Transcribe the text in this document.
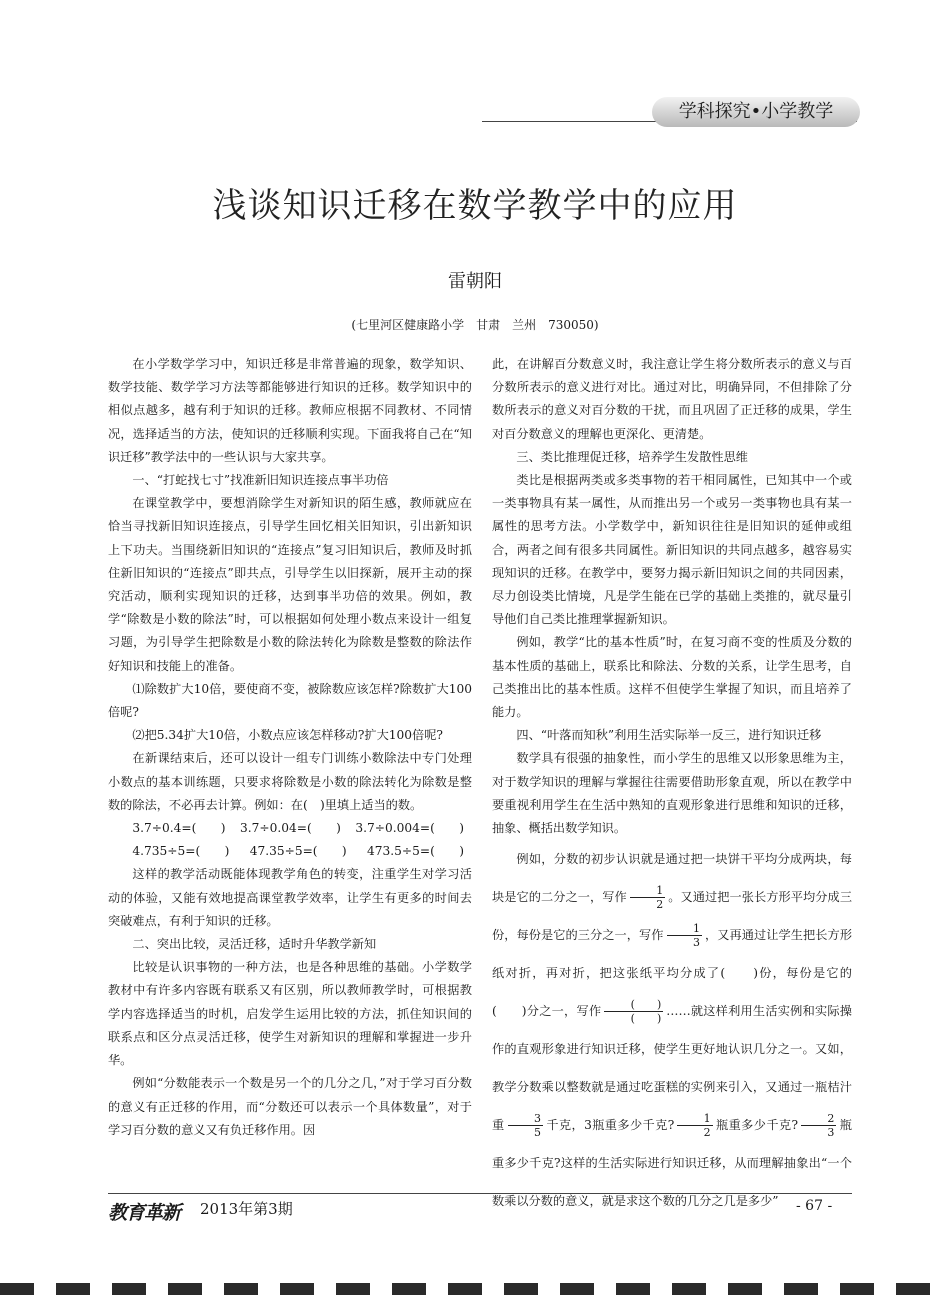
学科探究•小学教学
浅谈知识迁移在数学教学中的应用
雷朝阳
(七里河区健康路小学　甘肃　兰州　730050)

在小学数学学习中，知识迁移是非常普遍的现象，数学知识、数学技能、数学学习方法等都能够进行知识的迁移。数学知识中的相似点越多，越有利于知识的迁移。教师应根据不同教材、不同情况，选择适当的方法，使知识的迁移顺利实现。下面我将自己在“知识迁移”教学法中的一些认识与大家共享。

一、“打蛇找七寸”找准新旧知识连接点事半功倍

在课堂教学中，要想消除学生对新知识的陌生感，教师就应在恰当寻找新旧知识连接点，引导学生回忆相关旧知识，引出新知识上下功夫。当围绕新旧知识的“连接点”复习旧知识后，教师及时抓住新旧知识的“连接点”即共点，引导学生以旧探新，展开主动的探究活动，顺利实现知识的迁移，达到事半功倍的效果。例如，教学“除数是小数的除法”时，可以根据如何处理小数点来设计一组复习题，为引导学生把除数是小数的除法转化为除数是整数的除法作好知识和技能上的准备。

⑴除数扩大10倍，要使商不变，被除数应该怎样?除数扩大100倍呢?

⑵把5.34扩大10倍，小数点应该怎样移动?扩大100倍呢?

在新课结束后，还可以设计一组专门训练小数除法中专门处理小数点的基本训练题，只要求将除数是小数的除法转化为除数是整数的除法，不必再去计算。例如：在(　)里填上适当的数。

3.7÷0.4=(　　) 3.7÷0.04=(　　) 3.7÷0.004=(　　)
4.735÷5=(　　) 47.35÷5=(　　) 473.5÷5=(　　)

这样的教学活动既能体现教学角色的转变，注重学生对学习活动的体验，又能有效地提高课堂教学效率，让学生有更多的时间去突破难点，有利于知识的迁移。

二、突出比较，灵活迁移，适时升华教学新知

比较是认识事物的一种方法，也是各种思维的基础。小学数学教材中有许多内容既有联系又有区别，所以教师教学时，可根据教学内容选择适当的时机，启发学生运用比较的方法，抓住知识间的联系点和区分点灵活迁移，使学生对新知识的理解和掌握进一步升华。

例如“分数能表示一个数是另一个的几分之几，”对于学习百分数的意义有正迁移的作用，而“分数还可以表示一个具体数量”，对于学习百分数的意义又有负迁移作用。因

此，在讲解百分数意义时，我注意让学生将分数所表示的意义与百分数所表示的意义进行对比。通过对比，明确异同，不但排除了分数所表示的意义对百分数的干扰，而且巩固了正迁移的成果，学生对百分数意义的理解也更深化、更清楚。

三、类比推理促迁移，培养学生发散性思维

类比是根据两类或多类事物的若干相同属性，已知其中一个或一类事物具有某一属性，从而推出另一个或另一类事物也具有某一属性的思考方法。小学数学中，新知识往往是旧知识的延伸或组合，两者之间有很多共同属性。新旧知识的共同点越多，越容易实现知识的迁移。在教学中，要努力揭示新旧知识之间的共同因素，尽力创设类比情境，凡是学生能在已学的基础上类推的，就尽量引导他们自己类比推理掌握新知识。

例如，教学“比的基本性质”时，在复习商不变的性质及分数的基本性质的基础上，联系比和除法、分数的关系，让学生思考，自己类推出比的基本性质。这样不但使学生掌握了知识，而且培养了能力。

四、“叶落而知秋”利用生活实际举一反三，进行知识迁移

数学具有很强的抽象性，而小学生的思维又以形象思维为主，对于数学知识的理解与掌握往往需要借助形象直观，所以在教学中要重视利用学生在生活中熟知的直观形象进行思维和知识的迁移，抽象、概括出数学知识。

例如，分数的初步认识就是通过把一块饼干平均分成两块，每块是它的二分之一，写作 $\frac{1}{2}$ 。又通过把一张长方形平均分成三份，每份是它的三分之一，写作 $\frac{1}{3}$ ，又再通过让学生把长方形纸对折，再对折，把这张纸平均分成了(　　)份，每份是它的(　　)分之一，写作 $\frac{( )}{( )}$ ……就这样利用生活实例和实际操作的直观形象进行知识迁移，使学生更好地认识几分之一。又如，教学分数乘以整数就是通过吃蛋糕的实例来引入，又通过一瓶桔汁重 $\frac{3}{5}$ 千克，3瓶重多少千克? $\frac{1}{2}$ 瓶重多少千克? $\frac{2}{3}$ 瓶重多少千克?这样的生活实际进行知识迁移，从而理解抽象出“一个数乘以分数的意义，就是求这个数的几分之几是多少”

教育革新 2013年第3期	- 67 -
